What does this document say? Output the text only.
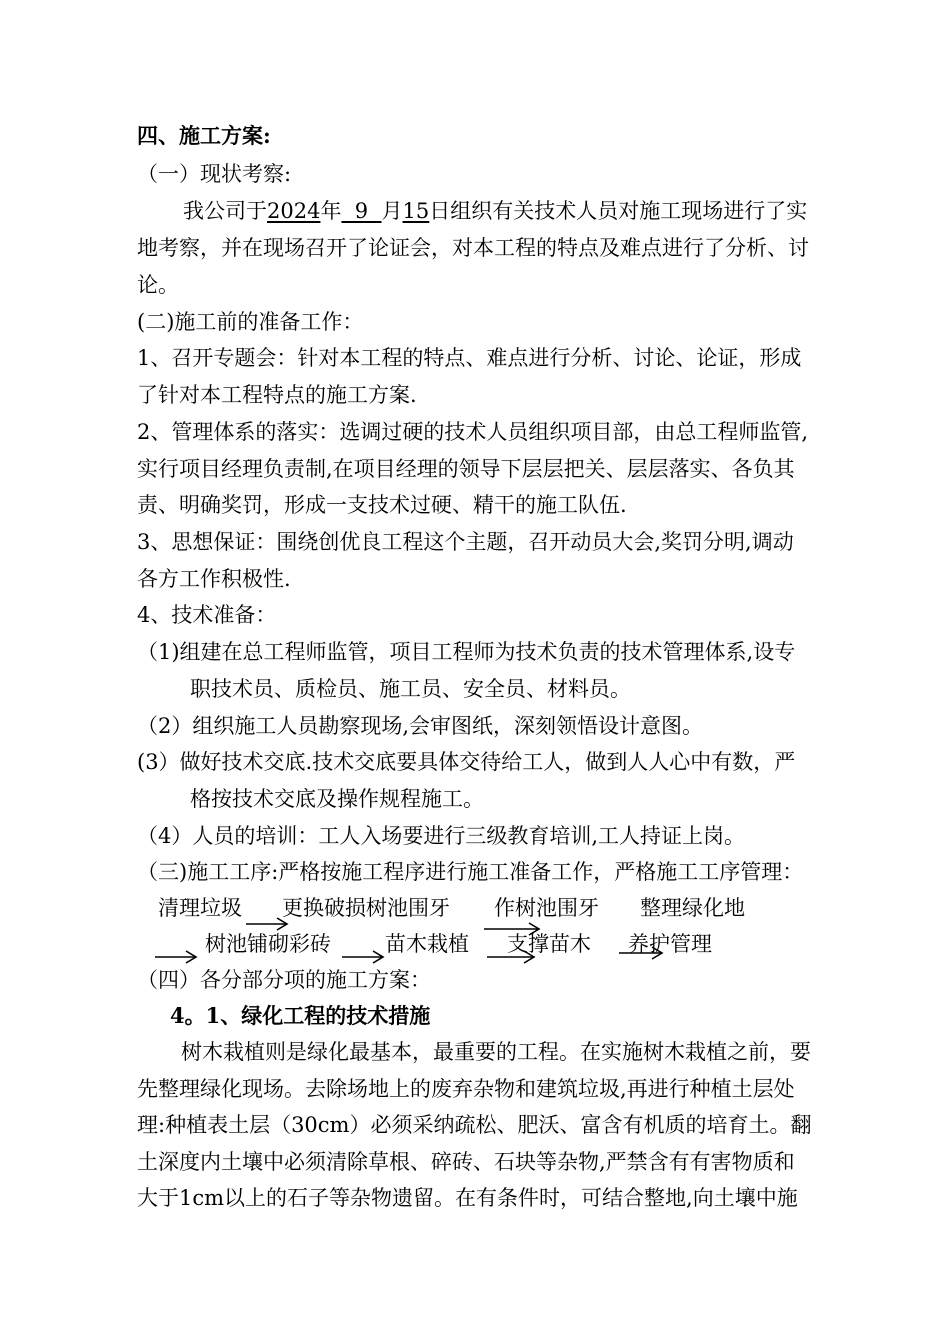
四、施工方案:
（一）现状考察:
我公司于2024年  9  月15日组织有关技术人员对施工现场进行了实
地考察，并在现场召开了论证会，对本工程的特点及难点进行了分析、讨
论。
(二)施工前的准备工作：
1、召开专题会：针对本工程的特点、难点进行分析、讨论、论证，形成
了针对本工程特点的施工方案.
2、管理体系的落实：选调过硬的技术人员组织项目部，由总工程师监管,
实行项目经理负责制,在项目经理的领导下层层把关、层层落实、各负其
责、明确奖罚，形成一支技术过硬、精干的施工队伍.
3、思想保证：围绕创优良工程这个主题，召开动员大会,奖罚分明,调动
各方工作积极性.
4、技术准备：
（1)组建在总工程师监管，项目工程师为技术负责的技术管理体系,设专
职技术员、质检员、施工员、安全员、材料员。
（2）组织施工人员勘察现场,会审图纸，深刻领悟设计意图。
(3）做好技术交底.技术交底要具体交待给工人，做到人人心中有数，严
格按技术交底及操作规程施工。
（4）人员的培训：工人入场要进行三级教育培训,工人持证上岗。
（三)施工工序:严格按施工程序进行施工准备工作，严格施工工序管理：
清理垃圾 更换破损树池围牙 作树池围牙 整理绿化地
树池铺砌彩砖	苗木栽植 支撑苗木 养护管理
（四）各分部分项的施工方案：
4。1、绿化工程的技术措施
树木栽植则是绿化最基本，最重要的工程。在实施树木栽植之前，要
先整理绿化现场。去除场地上的废弃杂物和建筑垃圾,再进行种植土层处
理:种植表土层（30cm）必须采纳疏松、肥沃、富含有机质的培育土。翻
土深度内土壤中必须清除草根、碎砖、石块等杂物,严禁含有有害物质和
大于1cm以上的石子等杂物遗留。在有条件时，可结合整地,向土壤中施
